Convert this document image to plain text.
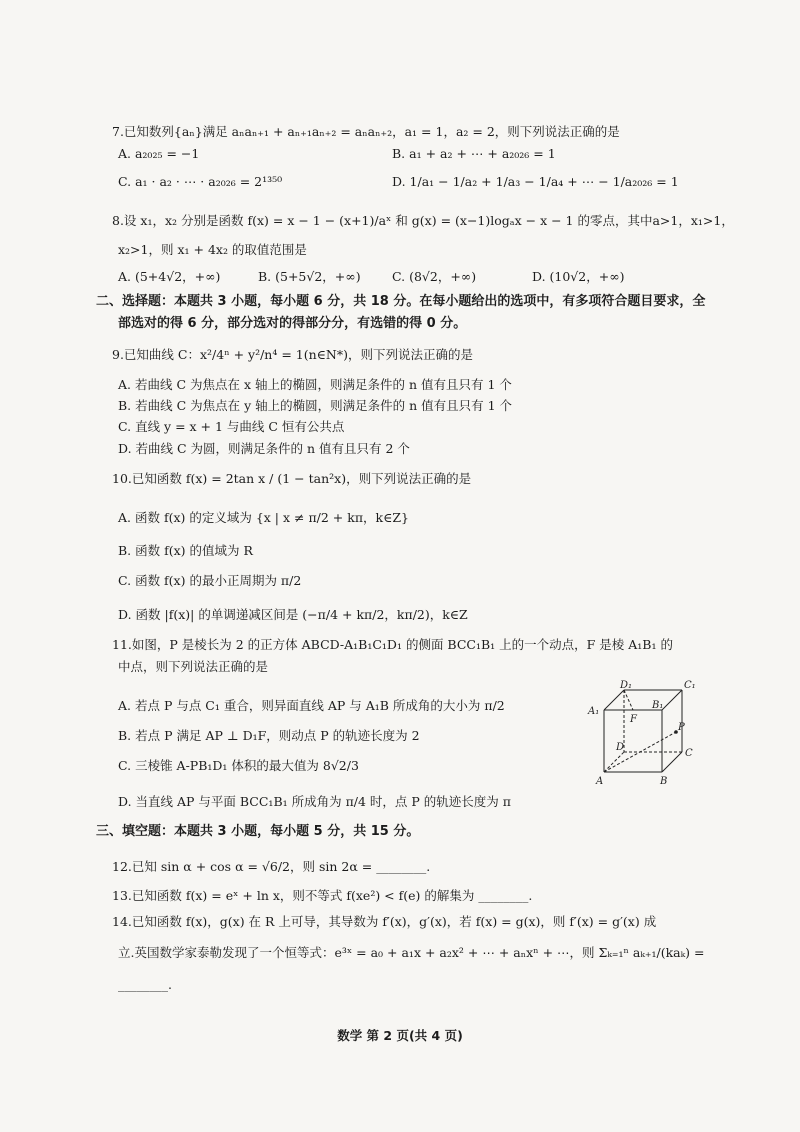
7.已知数列{aₙ}满足 aₙaₙ₊₁ + aₙ₊₁aₙ₊₂ = aₙaₙ₊₂，a₁ = 1，a₂ = 2，则下列说法正确的是
A. a₂₀₂₅ = −1	B. a₁ + a₂ + ⋯ + a₂₀₂₆ = 1
C. a₁ · a₂ · ⋯ · a₂₀₂₆ = 2¹³⁵⁰	D. 1/a₁ − 1/a₂ + 1/a₃ − 1/a₄ + ⋯ − 1/a₂₀₂₆ = 1
8.设 x₁，x₂ 分别是函数 f(x) = x − 1 − (x+1)/aˣ 和 g(x) = (x−1)logₐx − x − 1 的零点，其中a>1，x₁>1，
x₂>1，则 x₁ + 4x₂ 的取值范围是
A. (5+4√2，+∞)	B. (5+5√2，+∞)	C. (8√2，+∞)	D. (10√2，+∞)
二、选择题：本题共 3 小题，每小题 6 分，共 18 分。在每小题给出的选项中，有多项符合题目要求，全
部选对的得 6 分，部分选对的得部分分，有选错的得 0 分。
9.已知曲线 C：x²/4ⁿ + y²/n⁴ = 1(n∈N*)，则下列说法正确的是
A. 若曲线 C 为焦点在 x 轴上的椭圆，则满足条件的 n 值有且只有 1 个
B. 若曲线 C 为焦点在 y 轴上的椭圆，则满足条件的 n 值有且只有 1 个
C. 直线 y = x + 1 与曲线 C 恒有公共点
D. 若曲线 C 为圆，则满足条件的 n 值有且只有 2 个
10.已知函数 f(x) = 2tan x / (1 − tan²x)，则下列说法正确的是
A. 函数 f(x) 的定义域为 {x | x ≠ π/2 + kπ，k∈Z}
B. 函数 f(x) 的值域为 R
C. 函数 f(x) 的最小正周期为 π/2
D. 函数 |f(x)| 的单调递减区间是 (−π/4 + kπ/2，kπ/2)，k∈Z
11.如图，P 是棱长为 2 的正方体 ABCD-A₁B₁C₁D₁ 的侧面 BCC₁B₁ 上的一个动点，F 是棱 A₁B₁ 的
中点，则下列说法正确的是
A. 若点 P 与点 C₁ 重合，则异面直线 AP 与 A₁B 所成角的大小为 π/2
B. 若点 P 满足 AP ⊥ D₁F，则动点 P 的轨迹长度为 2
C. 三棱锥 A-PB₁D₁ 体积的最大值为 8√2/3
D. 当直线 AP 与平面 BCC₁B₁ 所成角为 π/4 时，点 P 的轨迹长度为 π
D₁	C₁
A₁
F
B₁
P
D
C
A	B
三、填空题：本题共 3 小题，每小题 5 分，共 15 分。
12.已知 sin α + cos α = √6/2，则 sin 2α = ________.
13.已知函数 f(x) = eˣ + ln x，则不等式 f(xe²) < f(e) 的解集为 ________.
14.已知函数 f(x)，g(x) 在 R 上可导，其导数为 f′(x)，g′(x)，若 f(x) = g(x)，则 f′(x) = g′(x) 成
立.英国数学家泰勒发现了一个恒等式：e³ˣ = a₀ + a₁x + a₂x² + ⋯ + aₙxⁿ + ⋯，则 Σₖ₌₁ⁿ aₖ₊₁/(kaₖ) =
________.
数学 第 2 页(共 4 页)
